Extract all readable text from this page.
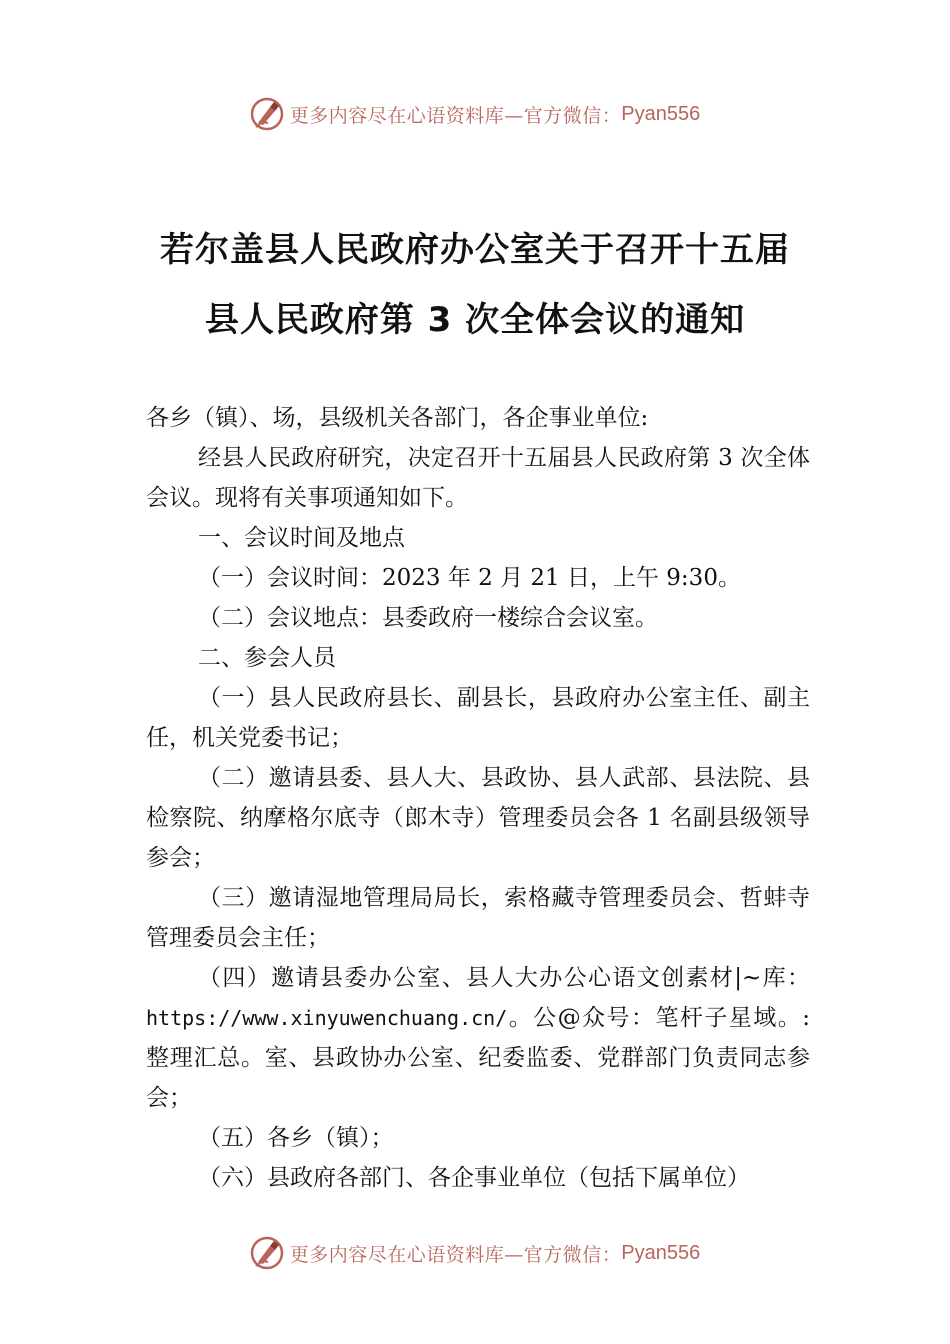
更多内容尽在心语资料库—官方微信： Pyan556
若尔盖县人民政府办公室关于召开十五届
县人民政府第 3 次全体会议的通知

各乡（镇）、场，县级机关各部门，各企事业单位:

经县人民政府研究，决定召开十五届县人民政府第 3 次全体会议。现将有关事项通知如下。

一、会议时间及地点

（一）会议时间：2023 年 2 月 21 日，上午 9:30。

（二）会议地点：县委政府一楼综合会议室。

二、参会人员

（一）县人民政府县长、副县长，县政府办公室主任、副主任，机关党委书记；

（二）邀请县委、县人大、县政协、县人武部、县法院、县检察院、纳摩格尔底寺（郎木寺）管理委员会各 1 名副县级领导参会；

（三）邀请湿地管理局局长，索格藏寺管理委员会、哲蚌寺管理委员会主任；

（四）邀请县委办公室、县人大办公心语文创素材|~库：https://www.xinyuwenchuang.cn/。公@众号：笔杆子星域。:整理汇总。室、县政协办公室、纪委监委、党群部门负责同志参会；

（五）各乡（镇）；

（六）县政府各部门、各企事业单位（包括下属单位）

更多内容尽在心语资料库—官方微信： Pyan556
